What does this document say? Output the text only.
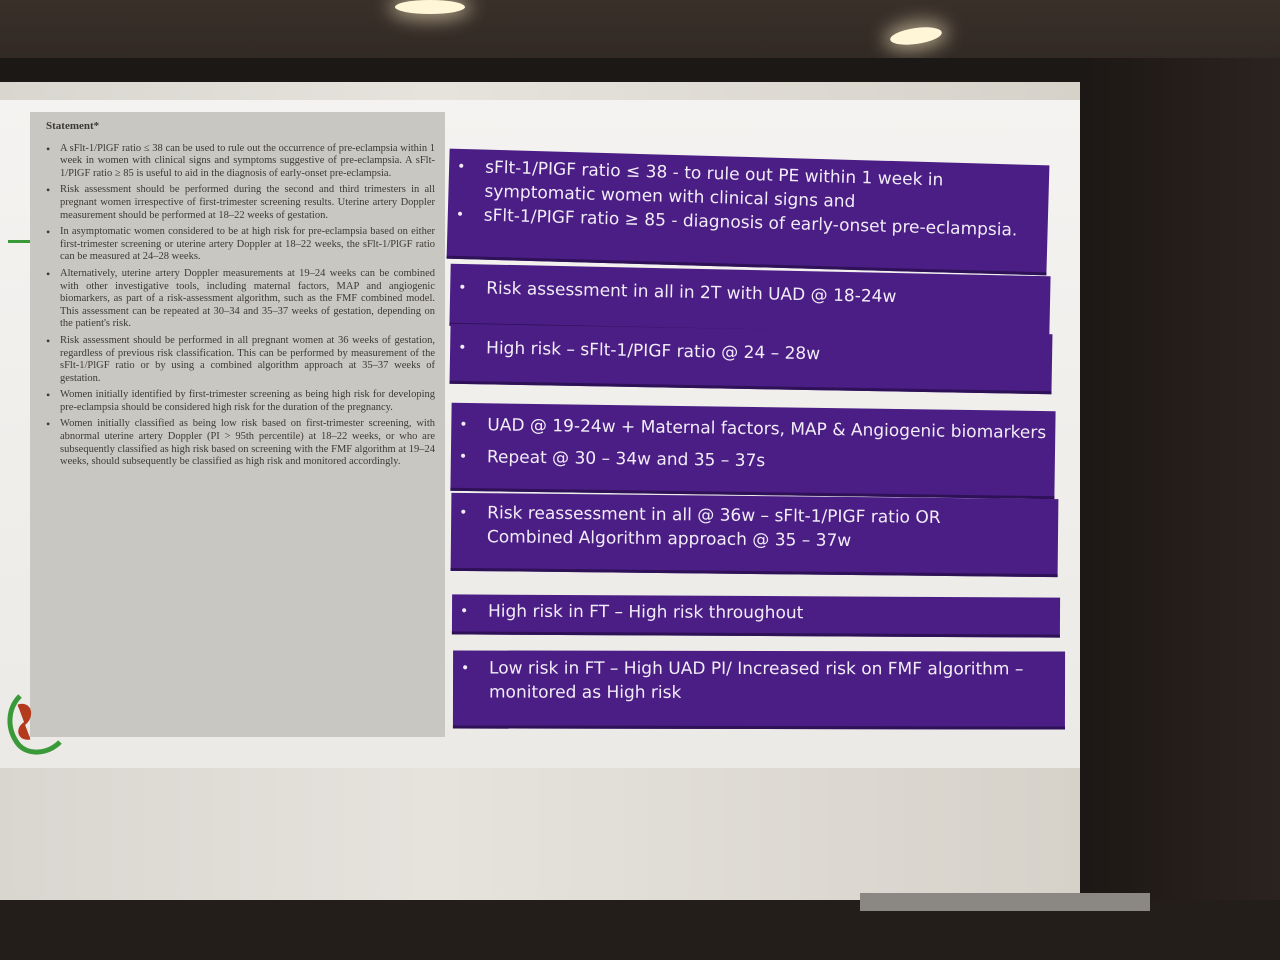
Statement*
• A sFlt-1/PlGF ratio ≤ 38 can be used to rule out the occurrence of pre-eclampsia within 1 week in women with clinical signs and symptoms suggestive of pre-eclampsia. A sFlt-1/PlGF ratio ≥ 85 is useful to aid in the diagnosis of early-onset pre-eclampsia.
• Risk assessment should be performed during the second and third trimesters in all pregnant women irrespective of first-trimester screening results. Uterine artery Doppler measurement should be performed at 18–22 weeks of gestation.
• In asymptomatic women considered to be at high risk for pre-eclampsia based on either first-trimester screening or uterine artery Doppler at 18–22 weeks, the sFlt-1/PlGF ratio can be measured at 24–28 weeks.
• Alternatively, uterine artery Doppler measurements at 19–24 weeks can be combined with other investigative tools, including maternal factors, MAP and angiogenic biomarkers, as part of a risk-assessment algorithm, such as the FMF combined model. This assessment can be repeated at 30–34 and 35–37 weeks of gestation, depending on the patient's risk.
• Risk assessment should be performed in all pregnant women at 36 weeks of gestation, regardless of previous risk classification. This can be performed by measurement of the sFlt-1/PlGF ratio or by using a combined algorithm approach at 35–37 weeks of gestation.
• Women initially identified by first-trimester screening as being high risk for developing pre-eclampsia should be considered high risk for the duration of the pregnancy.
• Women initially classified as being low risk based on first-trimester screening, with abnormal uterine artery Doppler (PI > 95th percentile) at 18–22 weeks, or who are subsequently classified as high risk based on screening with the FMF algorithm at 19–24 weeks, should subsequently be classified as high risk and monitored accordingly.
• sFlt-1/PIGF ratio ≤ 38 - to rule out PE within 1 week in
symptomatic women with clinical signs and
• sFlt-1/PIGF ratio ≥ 85 - diagnosis of early-onset pre-eclampsia.
• Risk assessment in all in 2T with UAD @ 18-24w
• High risk – sFlt-1/PIGF ratio @ 24 – 28w
• UAD @ 19-24w + Maternal factors, MAP & Angiogenic biomarkers
• Repeat @ 30 – 34w and 35 – 37s
• Risk reassessment in all @ 36w – sFlt-1/PIGF ratio OR
Combined Algorithm approach @ 35 – 37w
• High risk in FT – High risk throughout
• Low risk in FT – High UAD PI/ Increased risk on FMF algorithm –
monitored as High risk
